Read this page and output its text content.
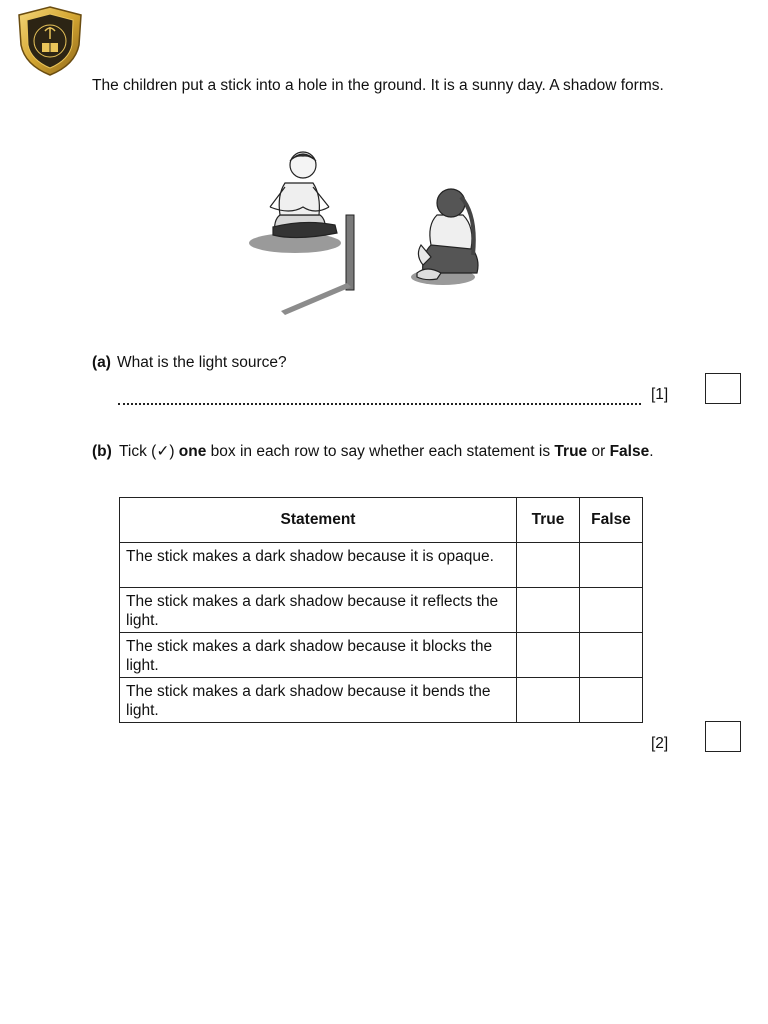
The children put a stick into a hole in the ground. It is a sunny day. A shadow forms.

(a) What is the light source?
[1]
(b) Tick (✓) one box in each row to say whether each statement is True or False.
Statement	True	False
The stick makes a dark shadow because it is opaque.		
The stick makes a dark shadow because it reflects the light.		
The stick makes a dark shadow because it blocks the light.		
The stick makes a dark shadow because it bends the light.		
[2]
